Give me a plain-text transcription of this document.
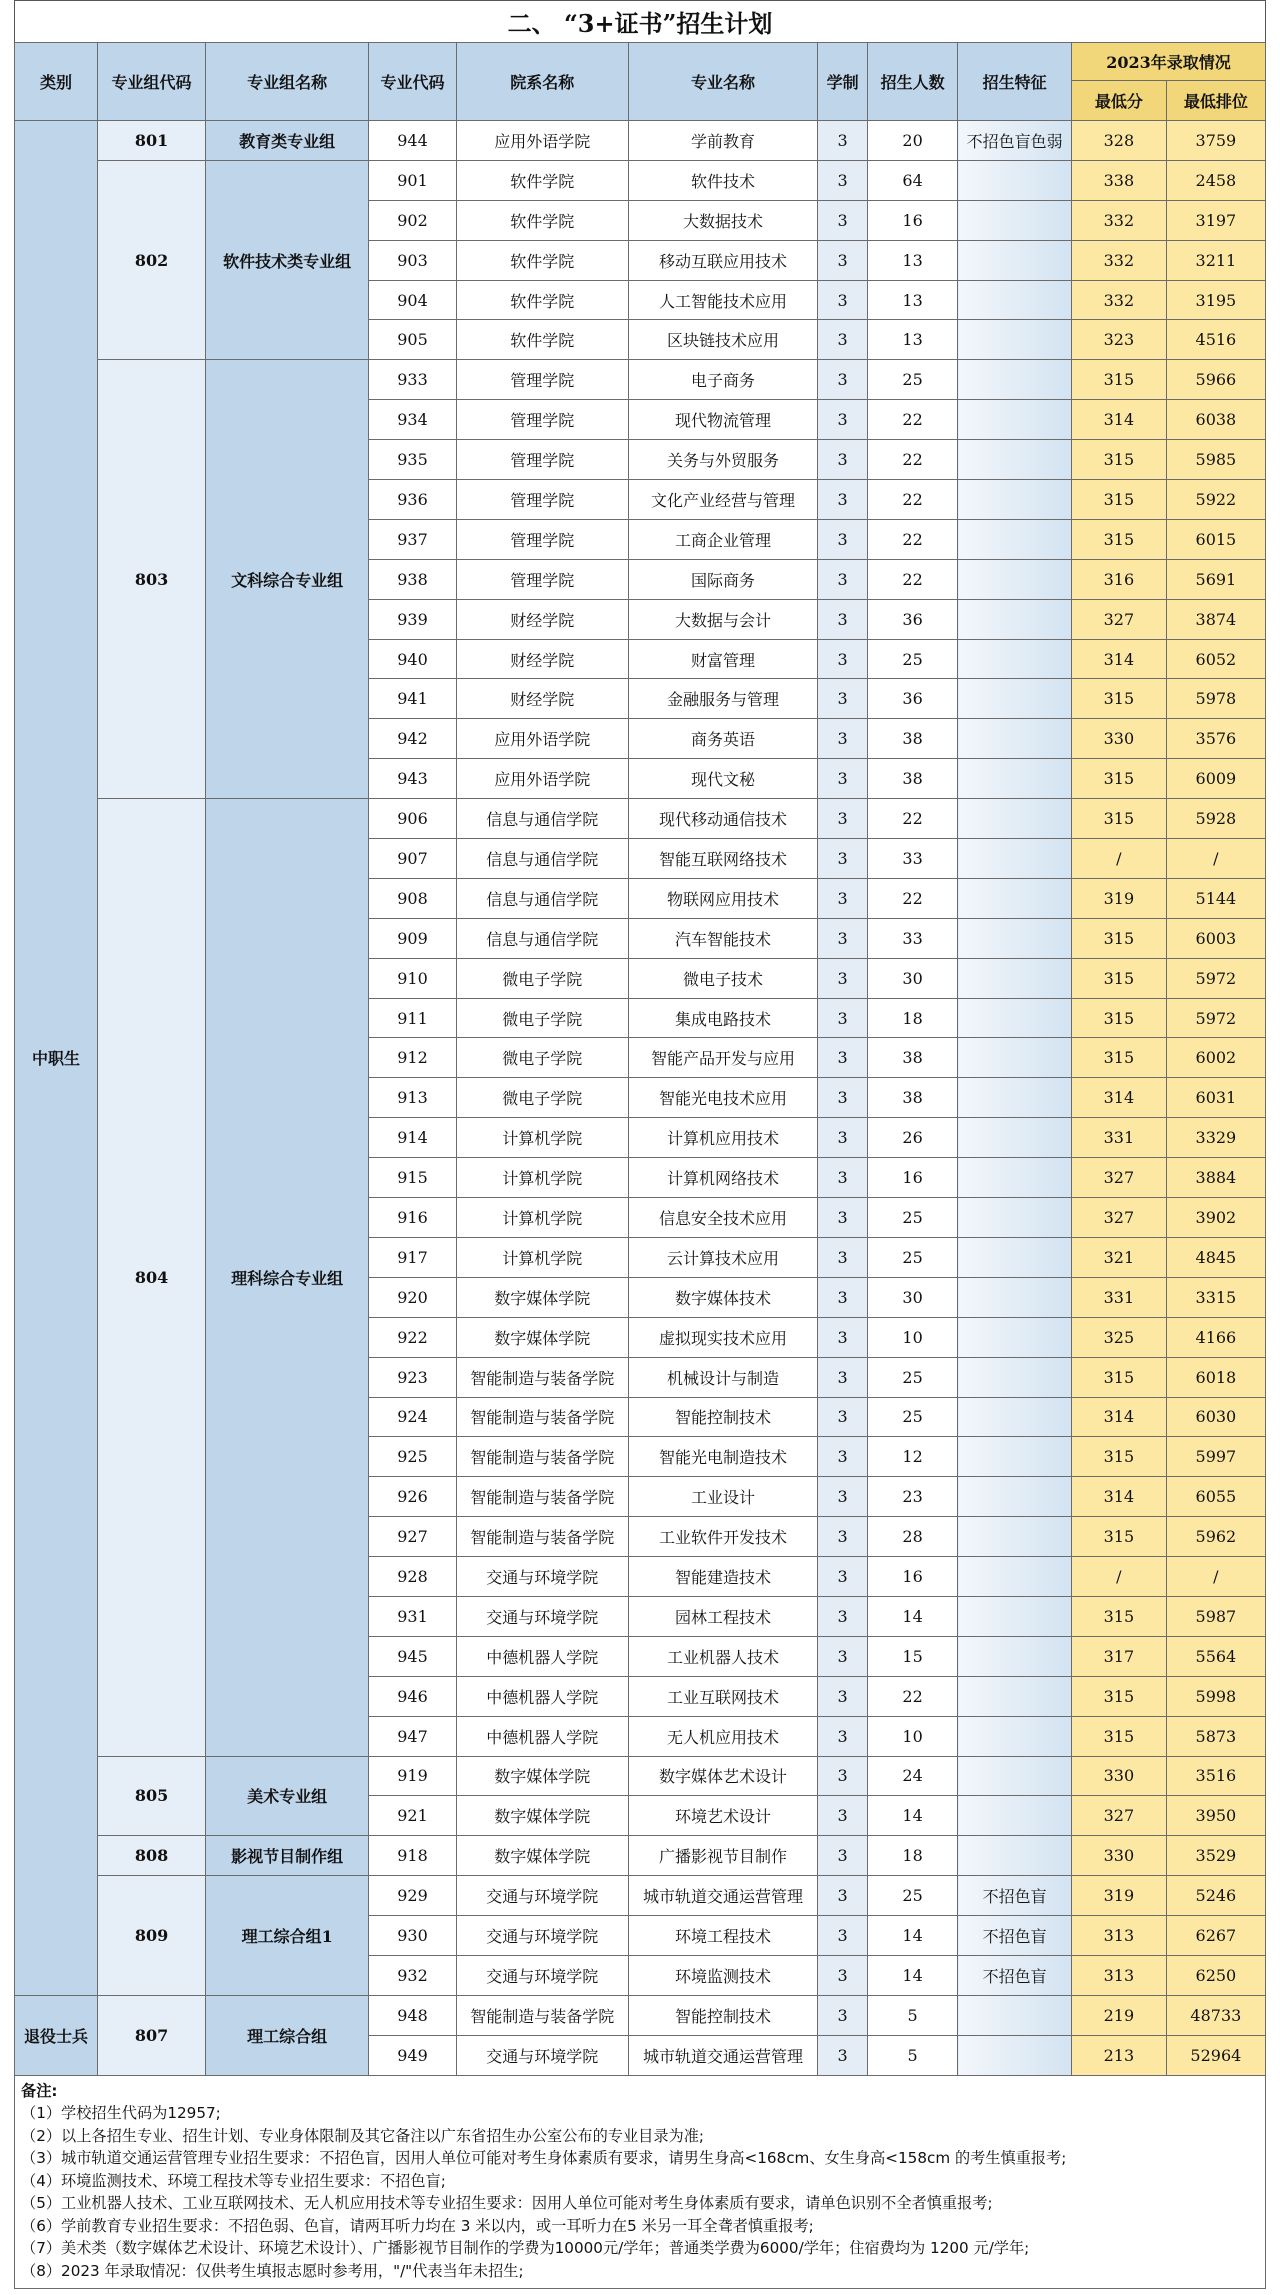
二、 “3+证书”招生计划
类别	专业组代码	专业组名称	专业代码	院系名称	专业名称	学制	招生人数	招生特征	2023年录取情况	
									最低分	最低排位
中职生	801	教育类专业组	944	应用外语学院	学前教育	3	20	不招色盲色弱	328	3759
	802	软件技术类专业组	901	软件学院	软件技术	3	64		338	2458
			902	软件学院	大数据技术	3	16		332	3197
			903	软件学院	移动互联应用技术	3	13		332	3211
			904	软件学院	人工智能技术应用	3	13		332	3195
			905	软件学院	区块链技术应用	3	13		323	4516
	803	文科综合专业组	933	管理学院	电子商务	3	25		315	5966
			934	管理学院	现代物流管理	3	22		314	6038
			935	管理学院	关务与外贸服务	3	22		315	5985
			936	管理学院	文化产业经营与管理	3	22		315	5922
			937	管理学院	工商企业管理	3	22		315	6015
			938	管理学院	国际商务	3	22		316	5691
			939	财经学院	大数据与会计	3	36		327	3874
			940	财经学院	财富管理	3	25		314	6052
			941	财经学院	金融服务与管理	3	36		315	5978
			942	应用外语学院	商务英语	3	38		330	3576
			943	应用外语学院	现代文秘	3	38		315	6009
	804	理科综合专业组	906	信息与通信学院	现代移动通信技术	3	22		315	5928
			907	信息与通信学院	智能互联网络技术	3	33		/	/
			908	信息与通信学院	物联网应用技术	3	22		319	5144
			909	信息与通信学院	汽车智能技术	3	33		315	6003
			910	微电子学院	微电子技术	3	30		315	5972
			911	微电子学院	集成电路技术	3	18		315	5972
			912	微电子学院	智能产品开发与应用	3	38		315	6002
			913	微电子学院	智能光电技术应用	3	38		314	6031
			914	计算机学院	计算机应用技术	3	26		331	3329
			915	计算机学院	计算机网络技术	3	16		327	3884
			916	计算机学院	信息安全技术应用	3	25		327	3902
			917	计算机学院	云计算技术应用	3	25		321	4845
			920	数字媒体学院	数字媒体技术	3	30		331	3315
			922	数字媒体学院	虚拟现实技术应用	3	10		325	4166
			923	智能制造与装备学院	机械设计与制造	3	25		315	6018
			924	智能制造与装备学院	智能控制技术	3	25		314	6030
			925	智能制造与装备学院	智能光电制造技术	3	12		315	5997
			926	智能制造与装备学院	工业设计	3	23		314	6055
			927	智能制造与装备学院	工业软件开发技术	3	28		315	5962
			928	交通与环境学院	智能建造技术	3	16		/	/
			931	交通与环境学院	园林工程技术	3	14		315	5987
			945	中德机器人学院	工业机器人技术	3	15		317	5564
			946	中德机器人学院	工业互联网技术	3	22		315	5998
			947	中德机器人学院	无人机应用技术	3	10		315	5873
	805	美术专业组	919	数字媒体学院	数字媒体艺术设计	3	24		330	3516
			921	数字媒体学院	环境艺术设计	3	14		327	3950
	808	影视节目制作组	918	数字媒体学院	广播影视节目制作	3	18		330	3529
	809	理工综合组1	929	交通与环境学院	城市轨道交通运营管理	3	25	不招色盲	319	5246
			930	交通与环境学院	环境工程技术	3	14	不招色盲	313	6267
			932	交通与环境学院	环境监测技术	3	14	不招色盲	313	6250
退役士兵	807	理工综合组	948	智能制造与装备学院	智能控制技术	3	5		219	48733
			949	交通与环境学院	城市轨道交通运营管理	3	5		213	52964
备注:
（1）学校招生代码为12957;
（2）以上各招生专业、招生计划、专业身体限制及其它备注以广东省招生办公室公布的专业目录为准;
（3）城市轨道交通运营管理专业招生要求：不招色盲，因用人单位可能对考生身体素质有要求，请男生身高<168cm、女生身高<158cm 的考生慎重报考;
（4）环境监测技术、环境工程技术等专业招生要求：不招色盲;
（5）工业机器人技术、工业互联网技术、无人机应用技术等专业招生要求：因用人单位可能对考生身体素质有要求，请单色识别不全者慎重报考;
（6）学前教育专业招生要求：不招色弱、色盲，请两耳听力均在 3 米以内，或一耳听力在5 米另一耳全聋者慎重报考;
（7）美术类（数字媒体艺术设计、环境艺术设计）、广播影视节目制作的学费为10000元/学年；普通类学费为6000/学年；住宿费均为 1200 元/学年;
（8）2023 年录取情况：仅供考生填报志愿时参考用，"/"代表当年未招生;
